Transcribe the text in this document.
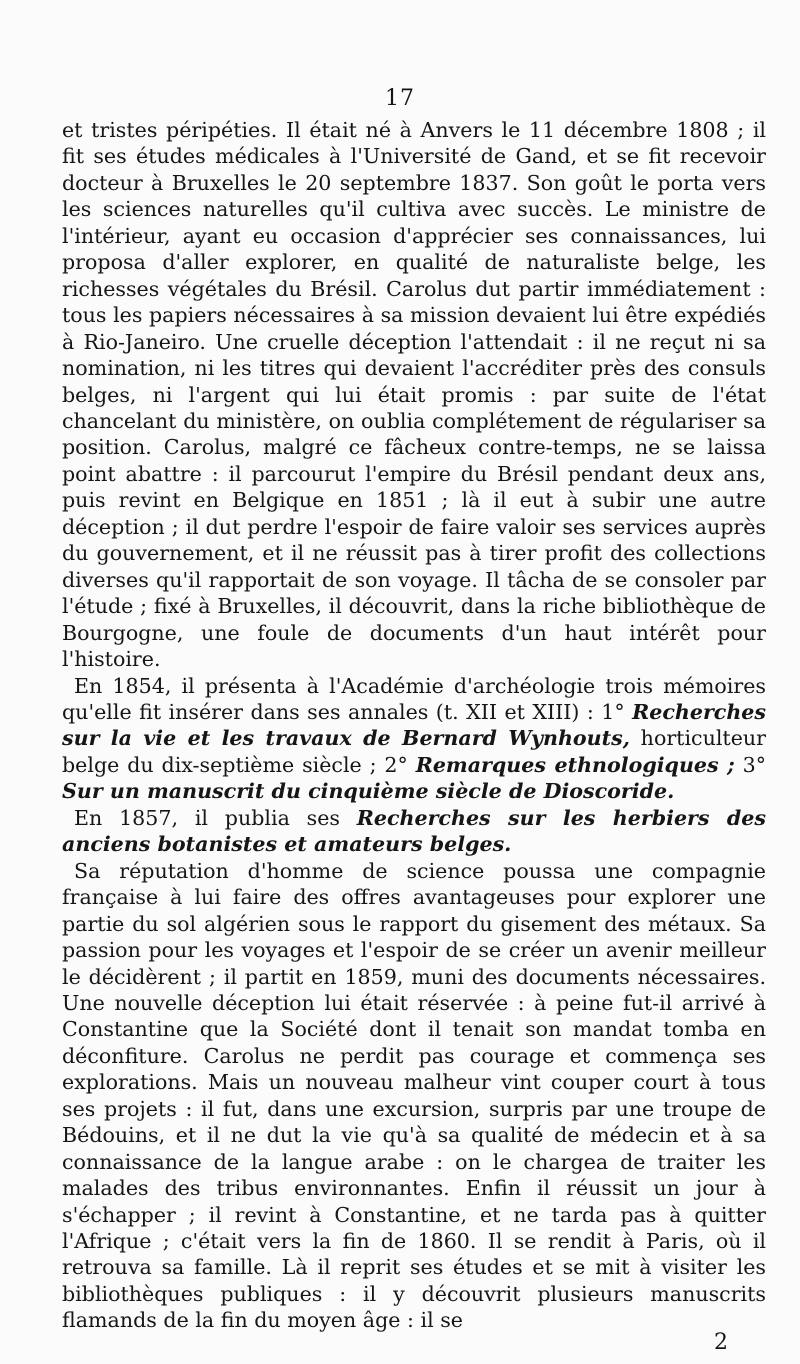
17

et tristes péripéties. Il était né à Anvers le 11 décembre 1808 ; il fit ses études médicales à l'Université de Gand, et se fit recevoir docteur à Bruxelles le 20 septembre 1837. Son goût le porta vers les sciences naturelles qu'il cultiva avec succès. Le ministre de l'intérieur, ayant eu occasion d'apprécier ses connaissances, lui proposa d'aller explorer, en qualité de naturaliste belge, les richesses végétales du Brésil. Carolus dut partir immédiatement : tous les papiers nécessaires à sa mission devaient lui être expédiés à Rio-Janeiro. Une cruelle déception l'attendait : il ne reçut ni sa nomination, ni les titres qui devaient l'accréditer près des consuls belges, ni l'argent qui lui était promis : par suite de l'état chancelant du ministère, on oublia complétement de régulariser sa position. Carolus, malgré ce fâcheux contre-temps, ne se laissa point abattre : il parcourut l'empire du Brésil pendant deux ans, puis revint en Belgique en 1851 ; là il eut à subir une autre déception ; il dut perdre l'espoir de faire valoir ses services auprès du gouvernement, et il ne réussit pas à tirer profit des collections diverses qu'il rapportait de son voyage. Il tâcha de se consoler par l'étude ; fixé à Bruxelles, il découvrit, dans la riche bibliothèque de Bourgogne, une foule de documents d'un haut intérêt pour l'histoire.

En 1854, il présenta à l'Académie d'archéologie trois mémoires qu'elle fit insérer dans ses annales (t. XII et XIII) : 1° Recherches sur la vie et les travaux de Bernard Wynhouts, horticulteur belge du dix-septième siècle ; 2° Remarques ethnologiques ; 3° Sur un manuscrit du cinquième siècle de Dioscoride.

En 1857, il publia ses Recherches sur les herbiers des anciens botanistes et amateurs belges.

Sa réputation d'homme de science poussa une compagnie française à lui faire des offres avantageuses pour explorer une partie du sol algérien sous le rapport du gisement des métaux. Sa passion pour les voyages et l'espoir de se créer un avenir meilleur le décidèrent ; il partit en 1859, muni des documents nécessaires. Une nouvelle déception lui était réservée : à peine fut-il arrivé à Constantine que la Société dont il tenait son mandat tomba en déconfiture. Carolus ne perdit pas courage et commença ses explorations. Mais un nouveau malheur vint couper court à tous ses projets : il fut, dans une excursion, surpris par une troupe de Bédouins, et il ne dut la vie qu'à sa qualité de médecin et à sa connaissance de la langue arabe : on le chargea de traiter les malades des tribus environnantes. Enfin il réussit un jour à s'échapper ; il revint à Constantine, et ne tarda pas à quitter l'Afrique ; c'était vers la fin de 1860. Il se rendit à Paris, où il retrouva sa famille. Là il reprit ses études et se mit à visiter les bibliothèques publiques : il y découvrit plusieurs manuscrits flamands de la fin du moyen âge : il se

2
